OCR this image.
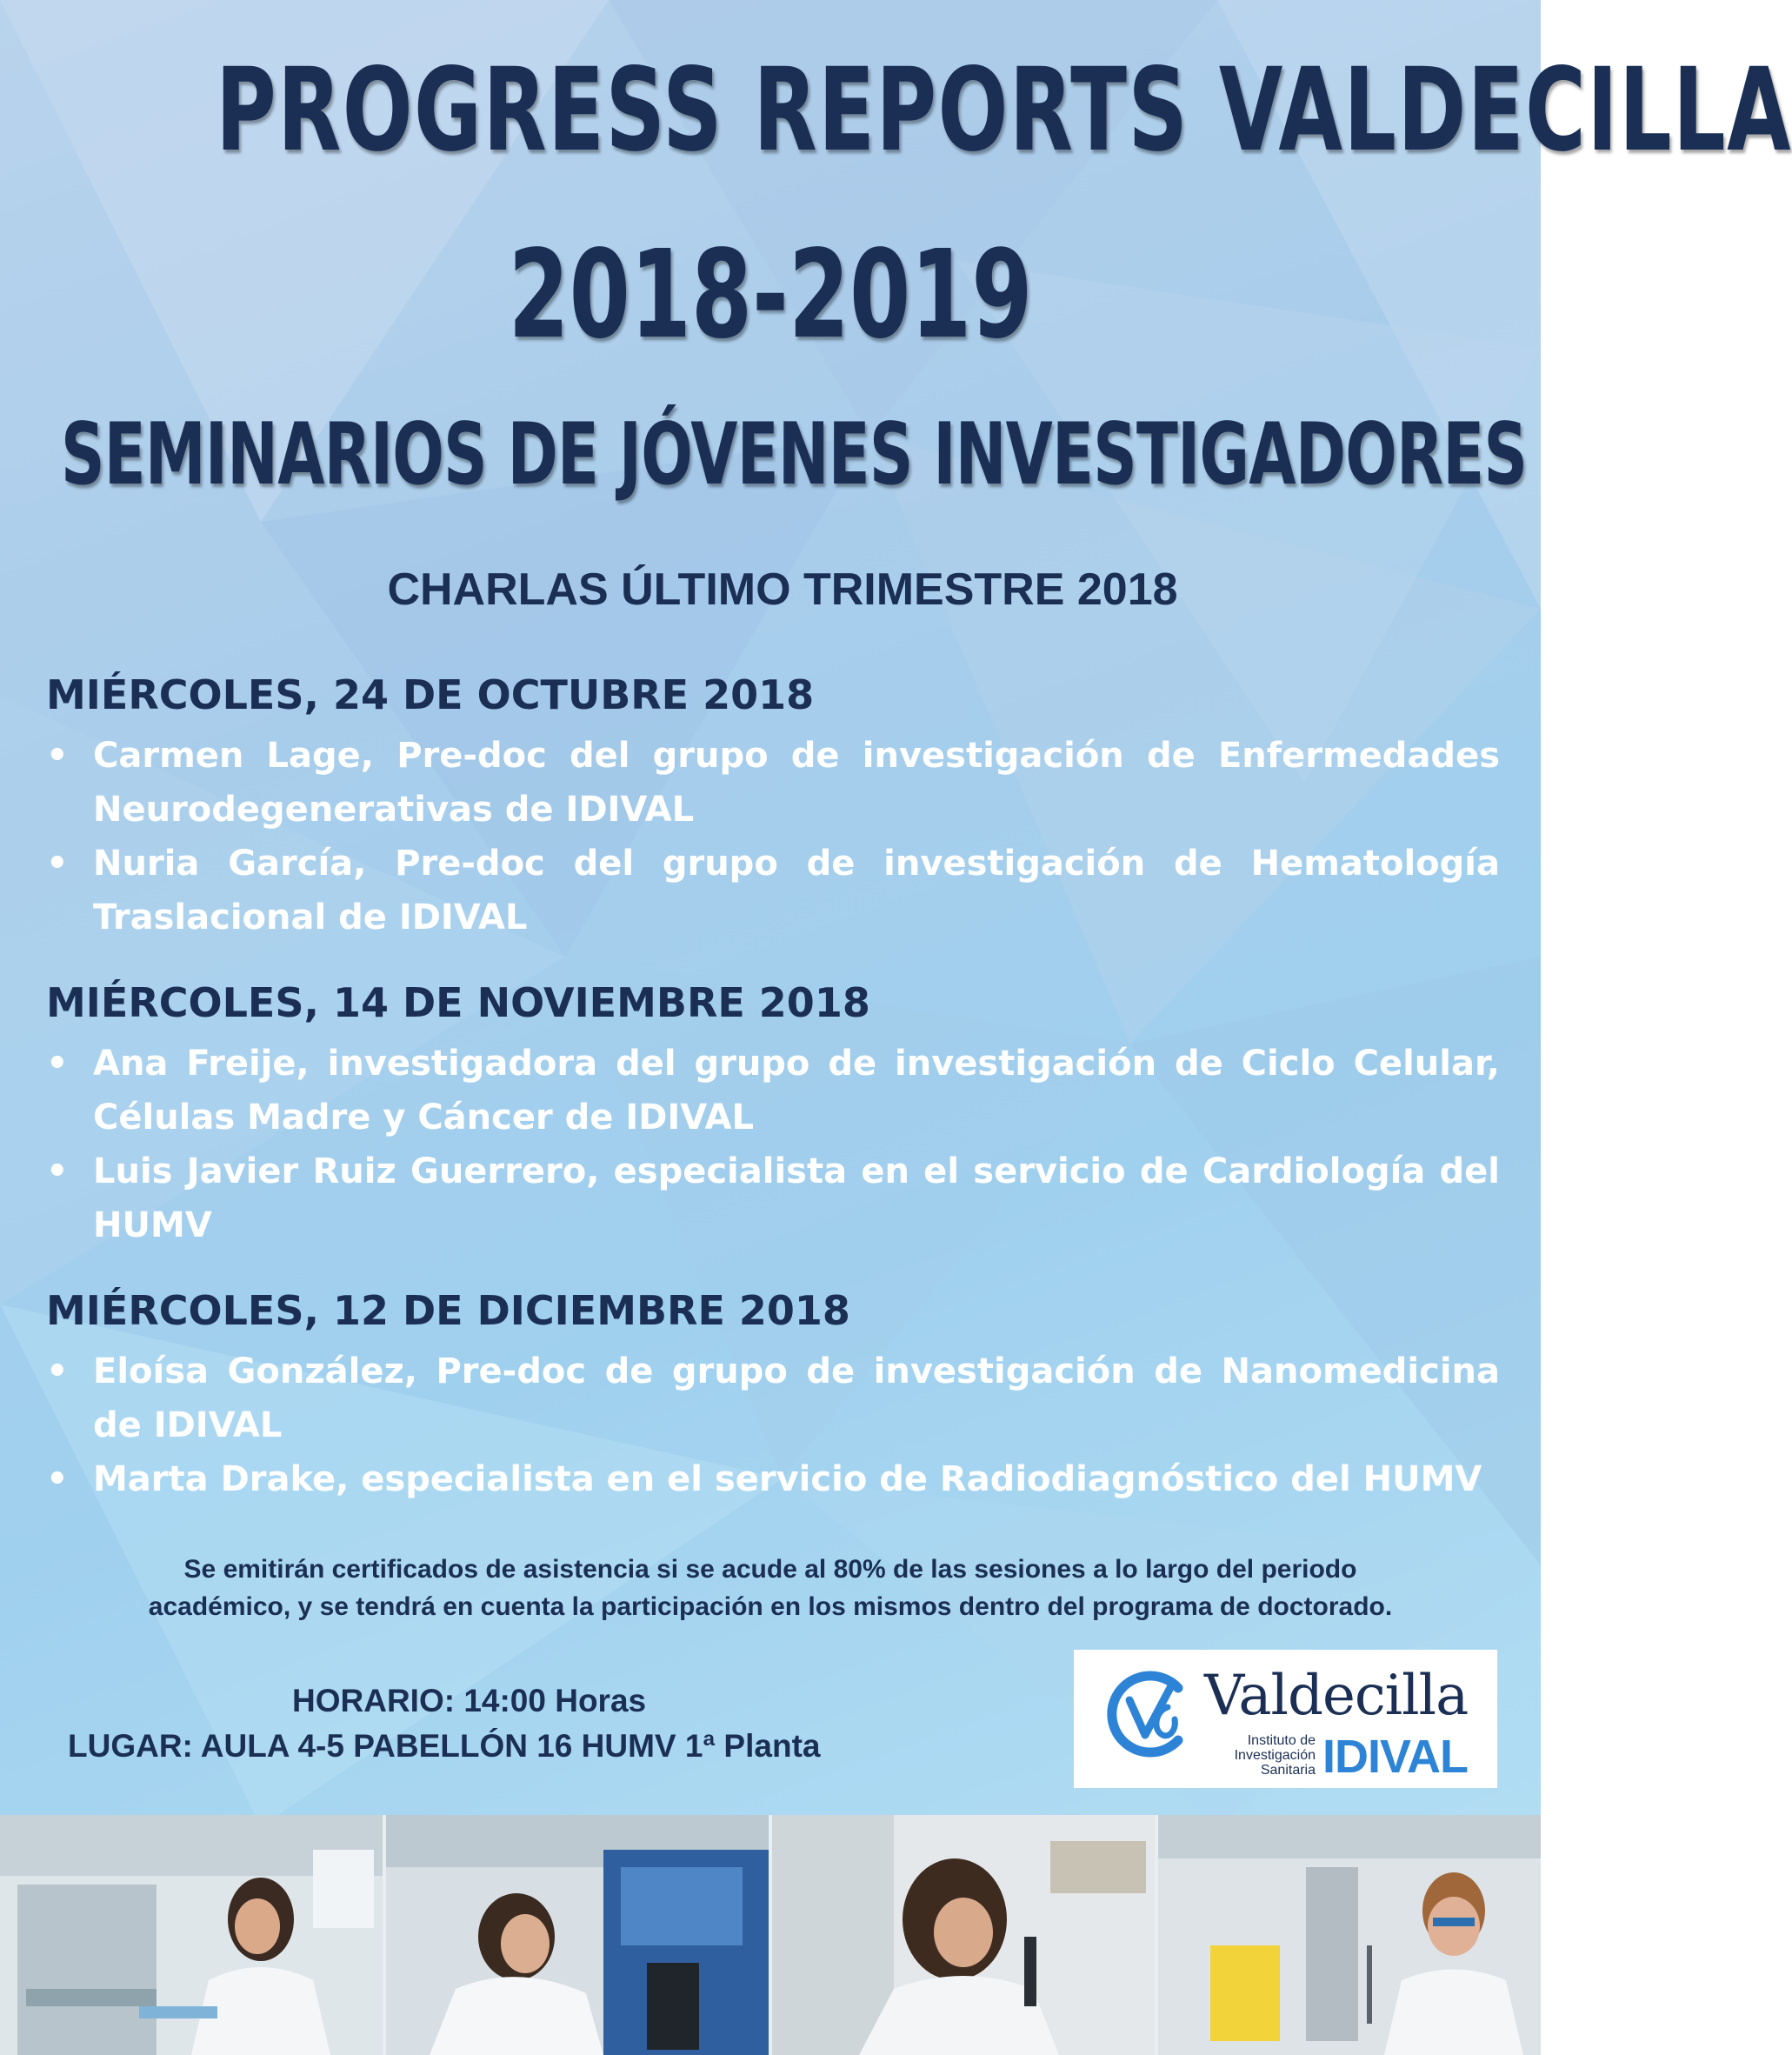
PROGRESS REPORTS VALDECILLA
2018-2019
SEMINARIOS DE JÓVENES INVESTIGADORES
CHARLAS ÚLTIMO TRIMESTRE 2018
MIÉRCOLES, 24 DE OCTUBRE 2018
• Carmen Lage, Pre-doc del grupo de investigación de Enfermedades Neurodegenerativas de IDIVAL
• Nuria García, Pre-doc del grupo de investigación de Hematología Traslacional de IDIVAL
MIÉRCOLES, 14 DE NOVIEMBRE 2018
• Ana Freije, investigadora del grupo de investigación de Ciclo Celular, Células Madre y Cáncer de IDIVAL
• Luis Javier Ruiz Guerrero, especialista en el servicio de Cardiología del HUMV
MIÉRCOLES, 12 DE DICIEMBRE 2018
• Eloísa González, Pre-doc de grupo de investigación de Nanomedicina de IDIVAL
• Marta Drake, especialista en el servicio de Radiodiagnóstico del HUMV
Se emitirán certificados de asistencia si se acude al 80% de las sesiones a lo largo del periodo
académico, y se tendrá en cuenta la participación en los mismos dentro del programa de doctorado.
HORARIO: 14:00 Horas
LUGAR: AULA 4-5 PABELLÓN 16 HUMV 1ª Planta
Valdecilla
Instituto de
Investigación
Sanitaria IDIVAL
